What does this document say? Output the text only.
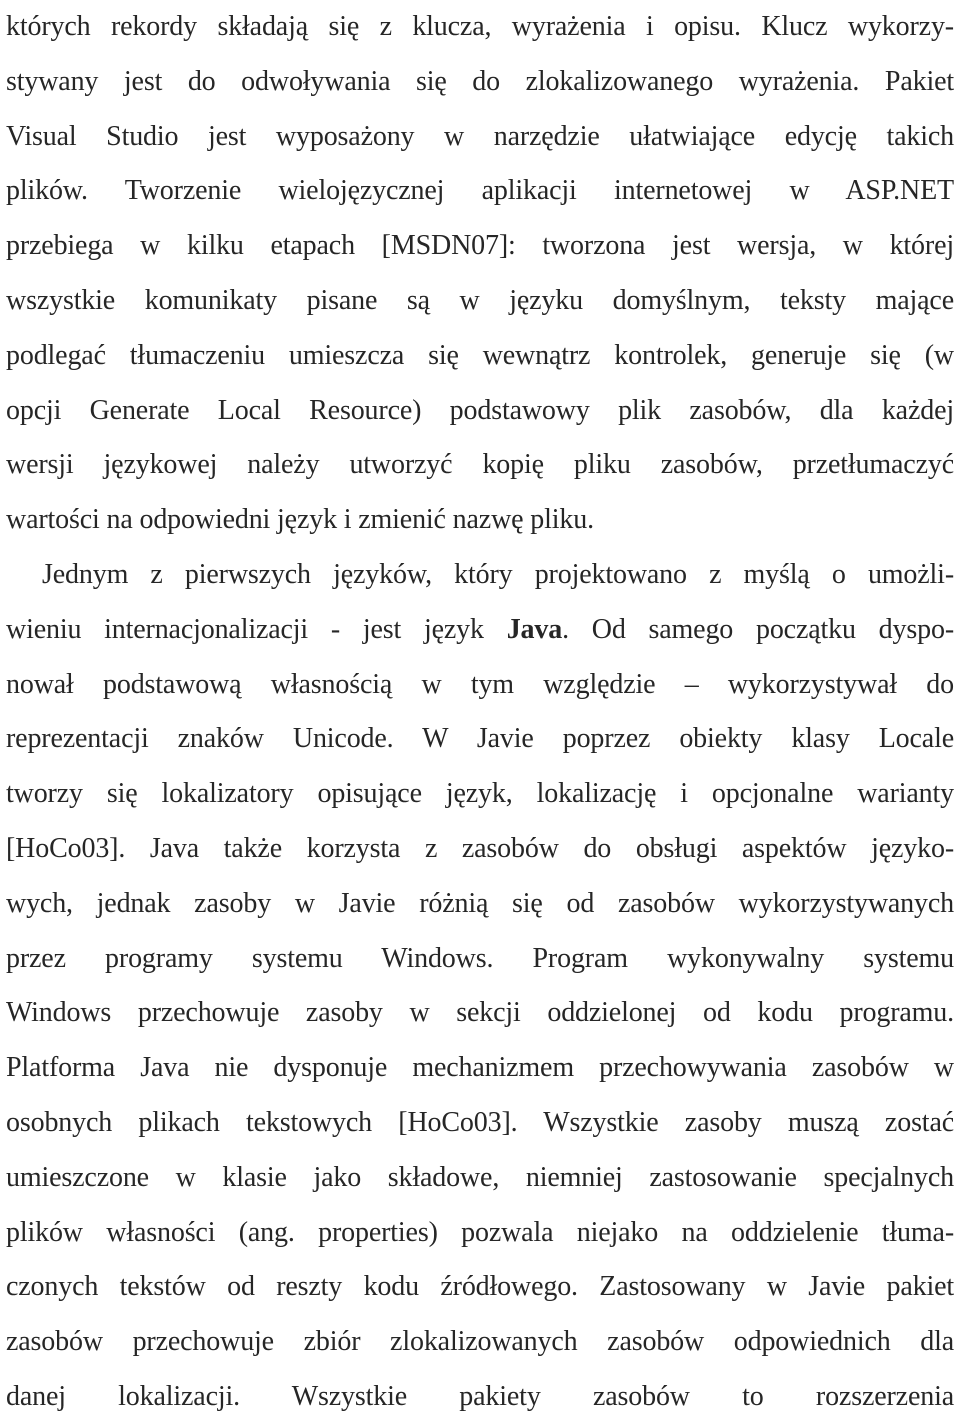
których rekordy składają się z klucza, wyrażenia i opisu. Klucz wykorzy-
stywany jest do odwoływania się do zlokalizowanego wyrażenia. Pakiet
Visual Studio jest wyposażony w narzędzie ułatwiające edycję takich
plików. Tworzenie wielojęzycznej aplikacji internetowej w ASP.NET
przebiega w kilku etapach [MSDN07]: tworzona jest wersja, w której
wszystkie komunikaty pisane są w języku domyślnym, teksty mające
podlegać tłumaczeniu umieszcza się wewnątrz kontrolek, generuje się (w
opcji Generate Local Resource) podstawowy plik zasobów, dla każdej
wersji językowej należy utworzyć kopię pliku zasobów, przetłumaczyć
wartości na odpowiedni język i zmienić nazwę pliku.
Jednym z pierwszych języków, który projektowano z myślą o umożli-
wieniu internacjonalizacji - jest język Java. Od samego początku dyspo-
nował podstawową własnością w tym względzie – wykorzystywał do
reprezentacji znaków Unicode. W Javie poprzez obiekty klasy Locale
tworzy się lokalizatory opisujące język, lokalizację i opcjonalne warianty
[HoCo03]. Java także korzysta z zasobów do obsługi aspektów języko-
wych, jednak zasoby w Javie różnią się od zasobów wykorzystywanych
przez programy systemu Windows. Program wykonywalny systemu
Windows przechowuje zasoby w sekcji oddzielonej od kodu programu.
Platforma Java nie dysponuje mechanizmem przechowywania zasobów w
osobnych plikach tekstowych [HoCo03]. Wszystkie zasoby muszą zostać
umieszczone w klasie jako składowe, niemniej zastosowanie specjalnych
plików własności (ang. properties) pozwala niejako na oddzielenie tłuma-
czonych tekstów od reszty kodu źródłowego. Zastosowany w Javie pakiet
zasobów przechowuje zbiór zlokalizowanych zasobów odpowiednich dla
danej lokalizacji. Wszystkie pakiety zasobów to rozszerzenia
